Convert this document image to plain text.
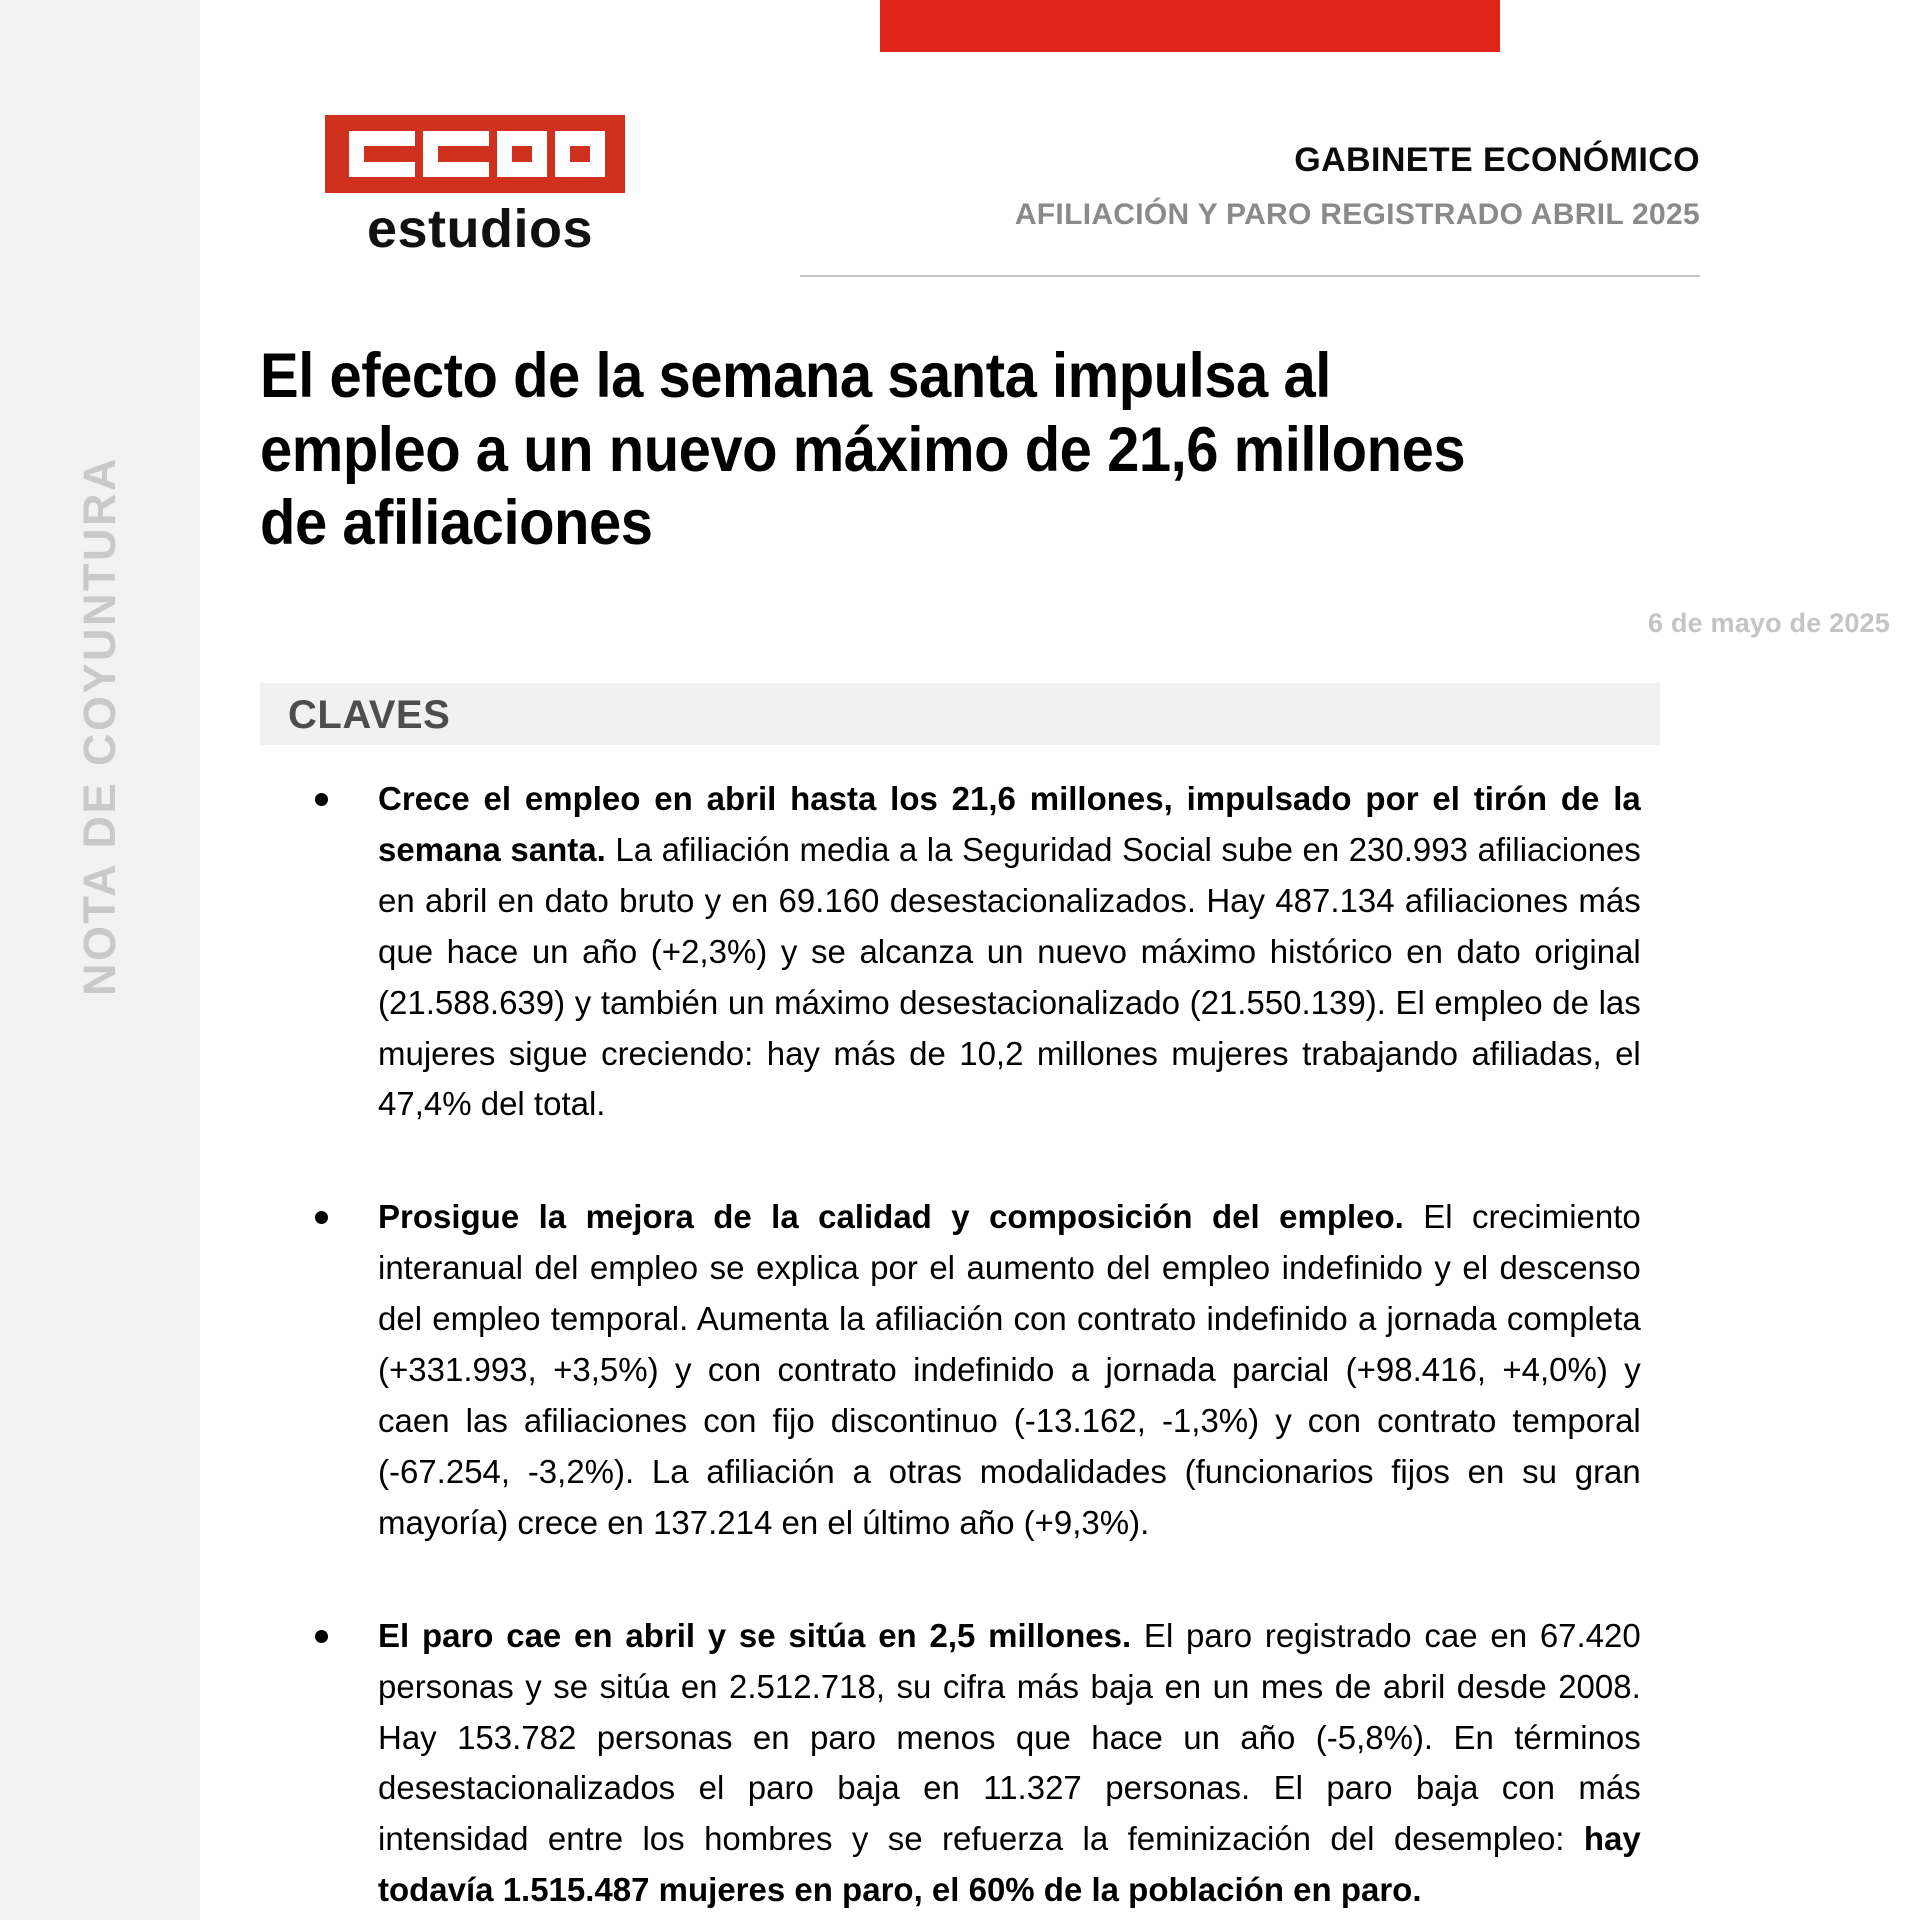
NOTA DE COYUNTURA
estudios
GABINETE ECONÓMICO
AFILIACIÓN Y PARO REGISTRADO ABRIL 2025
El efecto de la semana santa impulsa al empleo a un nuevo máximo de 21,6 millones de afiliaciones
6 de mayo de 2025
CLAVES
Crece el empleo en abril hasta los 21,6 millones, impulsado por el tirón de la semana santa. La afiliación media a la Seguridad Social sube en 230.993 afiliaciones en abril en dato bruto y en 69.160 desestacionalizados. Hay 487.134 afiliaciones más que hace un año (+2,3%) y se alcanza un nuevo máximo histórico en dato original (21.588.639) y también un máximo desestacionalizado (21.550.139). El empleo de las mujeres sigue creciendo: hay más de 10,2 millones mujeres trabajando afiliadas, el 47,4% del total.
Prosigue la mejora de la calidad y composición del empleo. El crecimiento interanual del empleo se explica por el aumento del empleo indefinido y el descenso del empleo temporal. Aumenta la afiliación con contrato indefinido a jornada completa (+331.993, +3,5%) y con contrato indefinido a jornada parcial (+98.416, +4,0%) y caen las afiliaciones con fijo discontinuo (-13.162, -1,3%) y con contrato temporal (-67.254, -3,2%). La afiliación a otras modalidades (funcionarios fijos en su gran mayoría) crece en 137.214 en el último año (+9,3%).
El paro cae en abril y se sitúa en 2,5 millones. El paro registrado cae en 67.420 personas y se sitúa en 2.512.718, su cifra más baja en un mes de abril desde 2008. Hay 153.782 personas en paro menos que hace un año (-5,8%). En términos desestacionalizados el paro baja en 11.327 personas. El paro baja con más intensidad entre los hombres y se refuerza la feminización del desempleo: hay todavía 1.515.487 mujeres en paro, el 60% de la población en paro.
